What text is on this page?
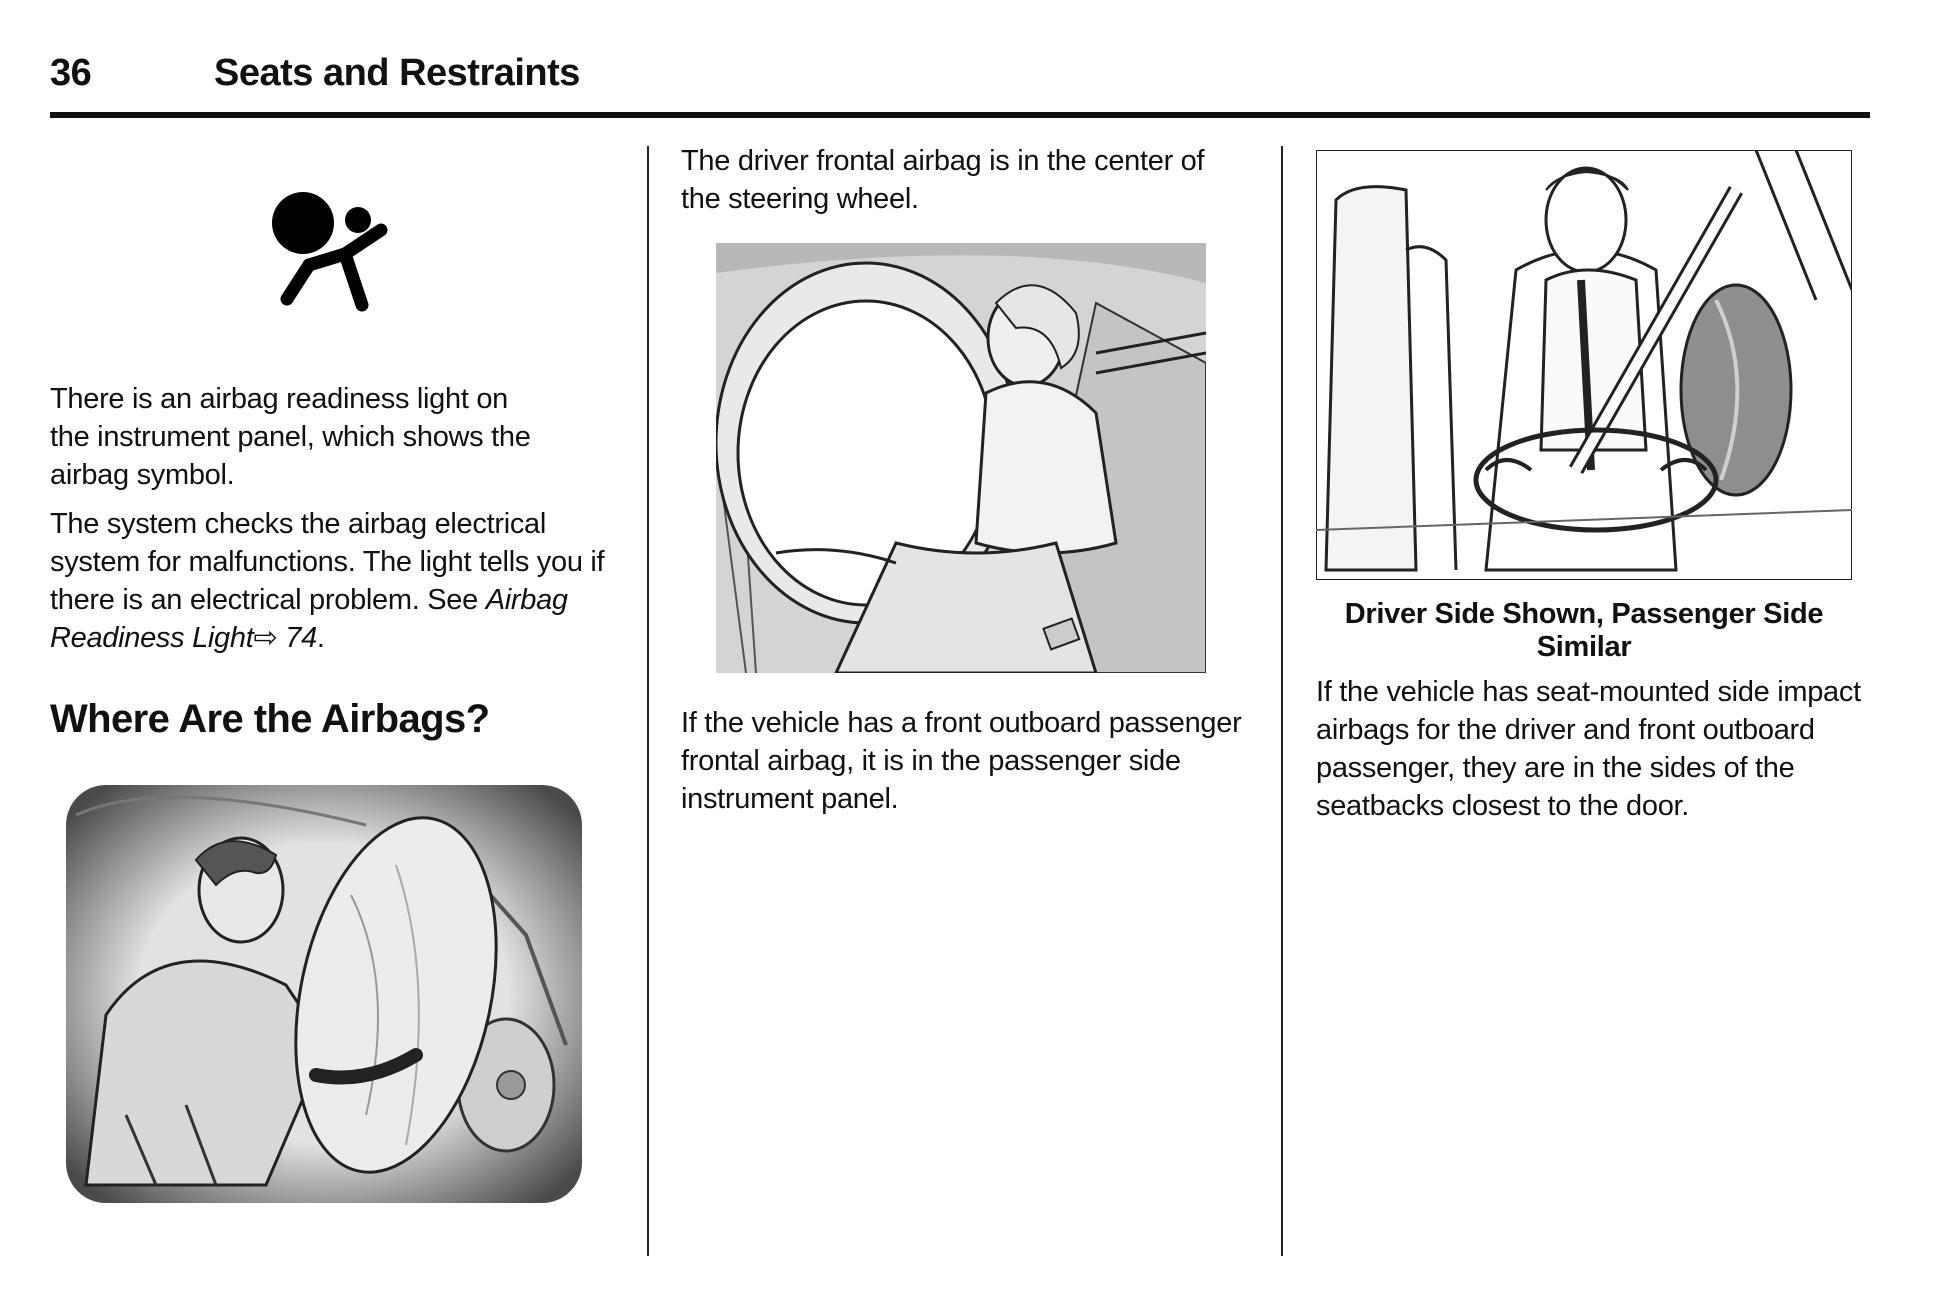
36	Seats and Restraints
There is an airbag readiness light on the instrument panel, which shows the airbag symbol.
The system checks the airbag electrical system for malfunctions. The light tells you if there is an electrical problem. See Airbag Readiness Light⇨ 74.
Where Are the Airbags?
The driver frontal airbag is in the center of the steering wheel.
If the vehicle has a front outboard passenger frontal airbag, it is in the passenger side instrument panel.
Driver Side Shown, Passenger Side Similar
If the vehicle has seat-mounted side impact airbags for the driver and front outboard passenger, they are in the sides of the seatbacks closest to the door.
